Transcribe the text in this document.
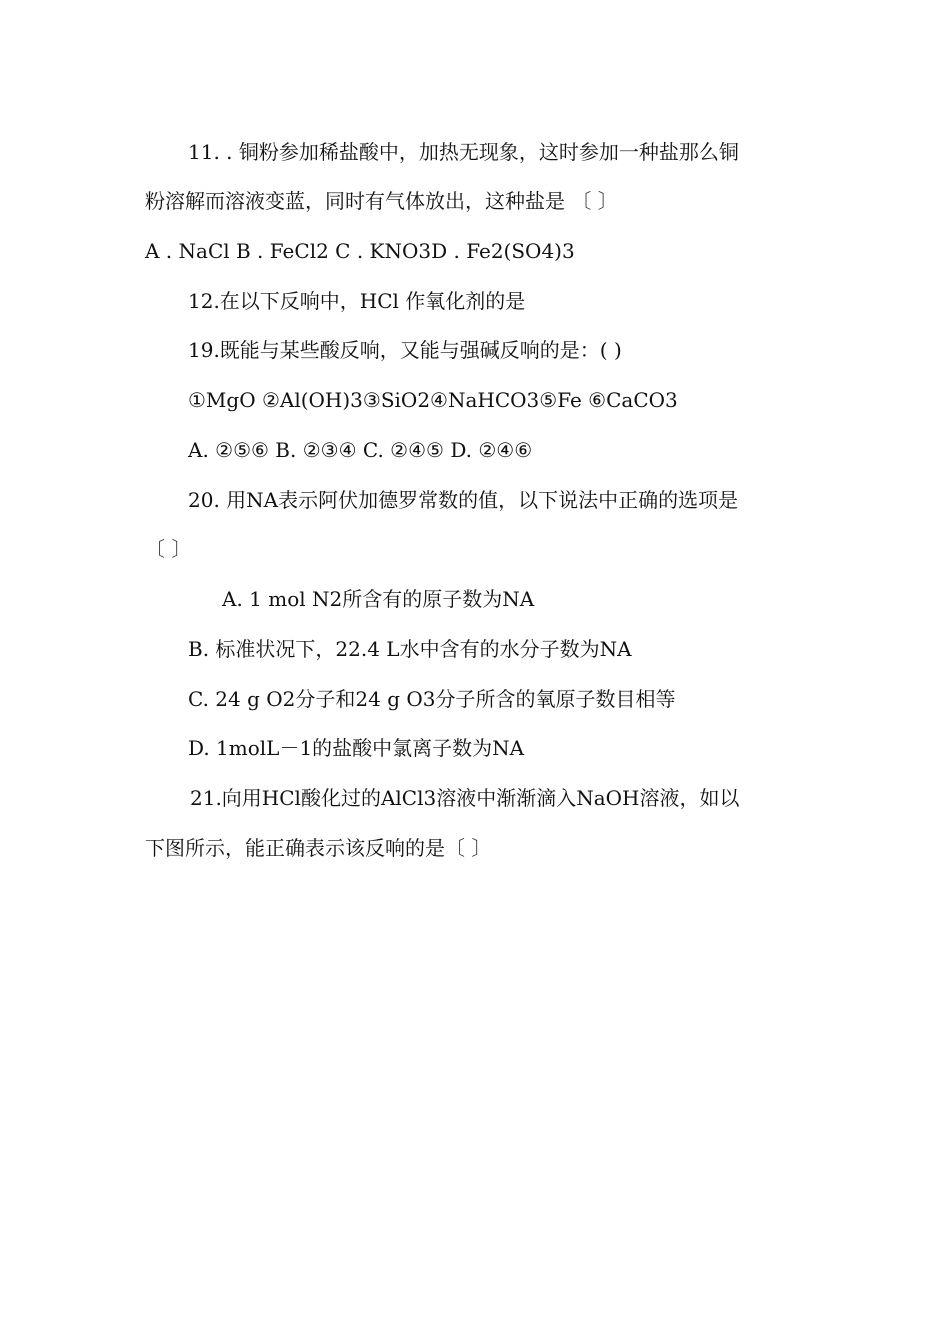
11. . 铜粉参加稀盐酸中，加热无现象，这时参加一种盐那么铜
粉溶解而溶液变蓝，同时有气体放出，这种盐是 〔 〕
A . NaCl B . FeCl2 C . KNO3D . Fe2(SO4)3
12.在以下反响中，HCl 作氧化剂的是
19.既能与某些酸反响，又能与强碱反响的是：( )
①MgO ②Al(OH)3③SiO2④NaHCO3⑤Fe ⑥CaCO3
A. ②⑤⑥ B. ②③④ C. ②④⑤ D. ②④⑥
20. 用NA表示阿伏加德罗常数的值，以下说法中正确的选项是
〔 〕
A. 1 mol N2所含有的原子数为NA
B. 标准状况下，22.4 L水中含有的水分子数为NA
C. 24 g O2分子和24 g O3分子所含的氧原子数目相等
D. 1molL－1的盐酸中氯离子数为NA
21.向用HCl酸化过的AlCl3溶液中渐渐滴入NaOH溶液，如以
下图所示，能正确表示该反响的是〔 〕
